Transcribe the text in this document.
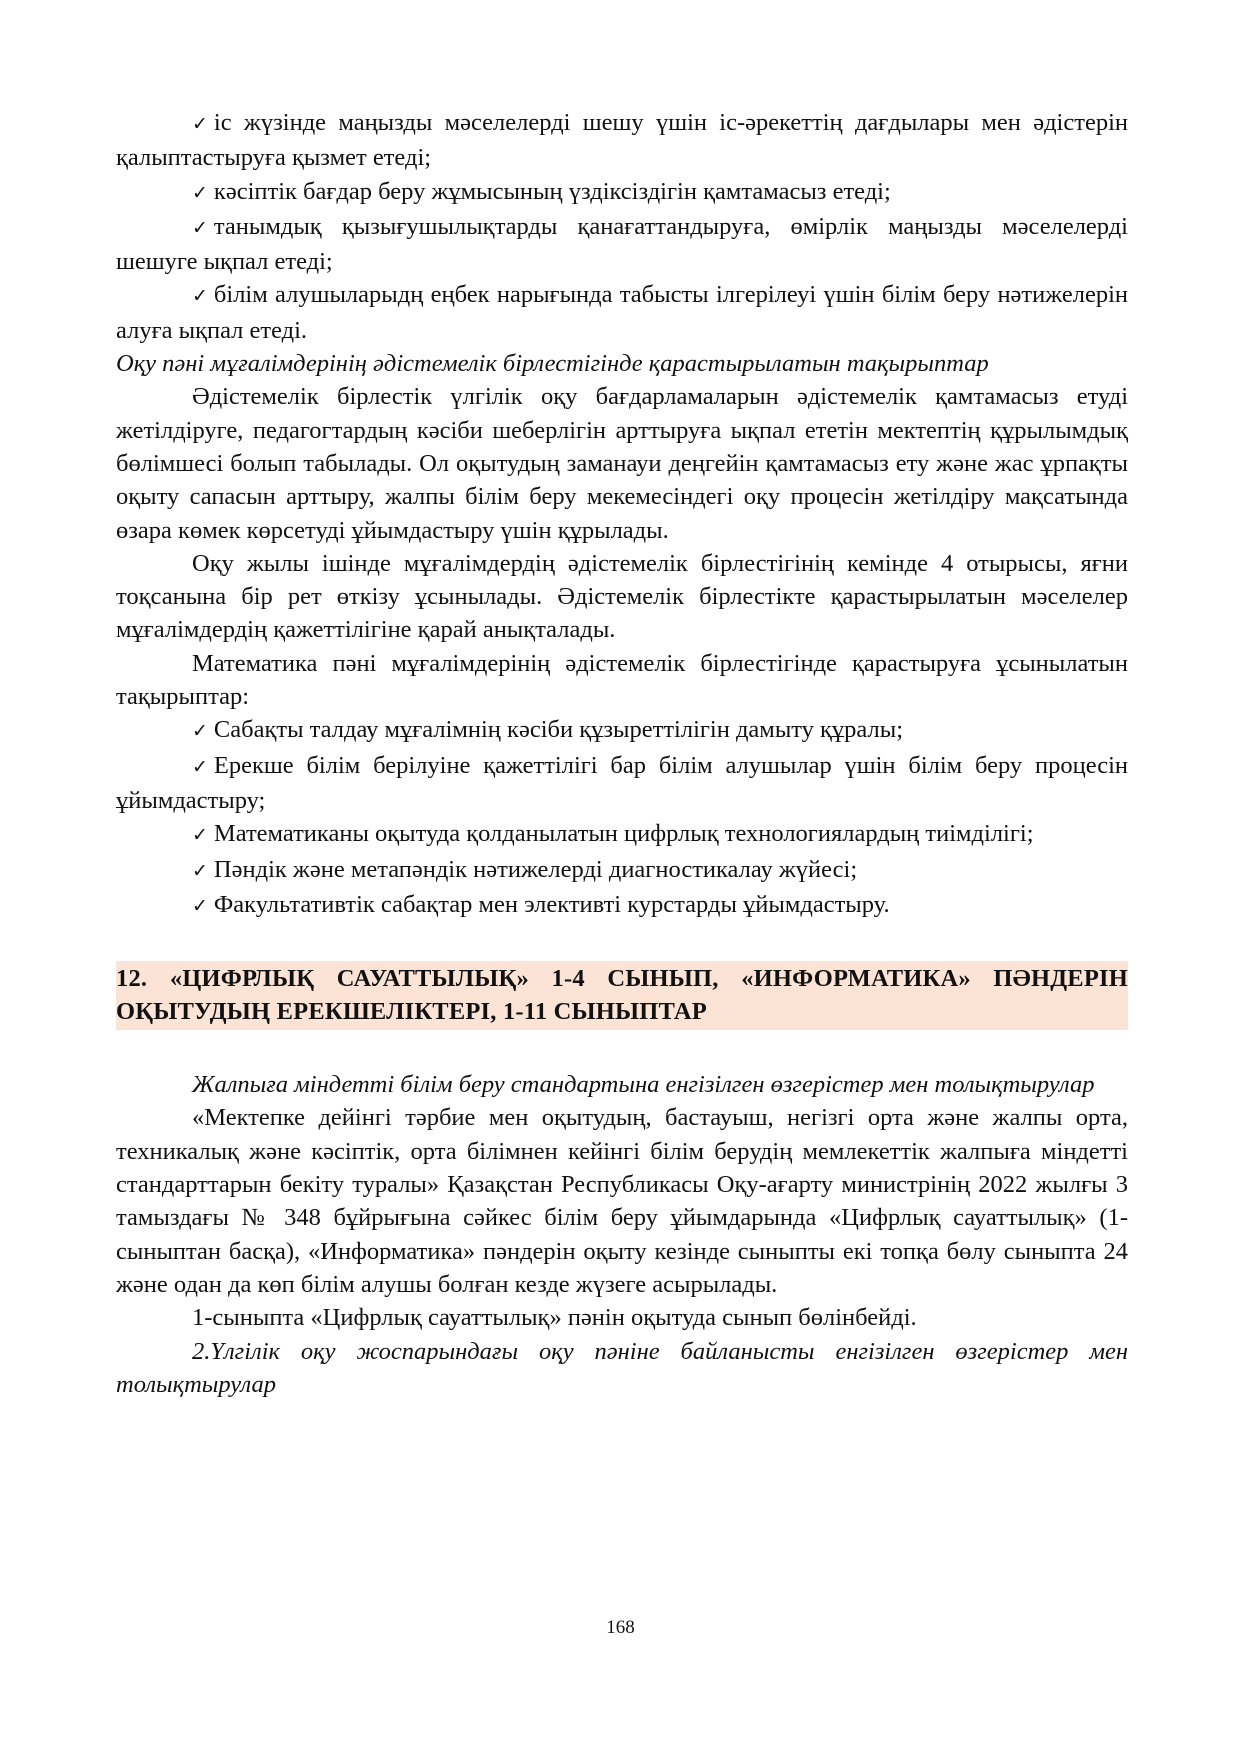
✓ іс жүзінде маңызды мәселелерді шешу үшін іс-әрекеттің дағдылары мен әдістерін қалыптастыруға қызмет етеді;

✓ кәсіптік бағдар беру жұмысының үздіксіздігін қамтамасыз етеді;

✓ танымдық қызығушылықтарды қанағаттандыруға, өмірлік маңызды мәселелерді шешуге ықпал етеді;

✓ білім алушыларыдң еңбек нарығында табысты ілгерілеуі үшін білім беру нәтижелерін алуға ықпал етеді.

Оқу пәні мұғалімдерінің әдістемелік бірлестігінде қарастырылатын тақырыптар

Әдістемелік бірлестік үлгілік оқу бағдарламаларын әдістемелік қамтамасыз етуді жетілдіруге, педагогтардың кәсіби шеберлігін арттыруға ықпал ететін мектептің құрылымдық бөлімшесі болып табылады. Ол оқытудың заманауи деңгейін қамтамасыз ету және жас ұрпақты оқыту сапасын арттыру, жалпы білім беру мекемесіндегі оқу процесін жетілдіру мақсатында өзара көмек көрсетуді ұйымдастыру үшін құрылады.

Оқу жылы ішінде мұғалімдердің әдістемелік бірлестігінің кемінде 4 отырысы, яғни тоқсанына бір рет өткізу ұсынылады. Әдістемелік бірлестікте қарастырылатын мәселелер мұғалімдердің қажеттілігіне қарай анықталады.

Математика пәні мұғалімдерінің әдістемелік бірлестігінде қарастыруға ұсынылатын тақырыптар:

✓ Сабақты талдау мұғалімнің кәсіби құзыреттілігін дамыту құралы;

✓ Ерекше білім берілуіне қажеттілігі бар білім алушылар үшін білім беру процесін ұйымдастыру;

✓ Математиканы оқытуда қолданылатын цифрлық технологиялардың тиімділігі;

✓ Пәндік және метапәндік нәтижелерді диагностикалау жүйесі;

✓ Факультативтік сабақтар мен элективті курстарды ұйымдастыру.

12. «ЦИФРЛЫҚ САУАТТЫЛЫҚ» 1-4 СЫНЫП, «ИНФОРМАТИКА» ПӘНДЕРІН ОҚЫТУДЫҢ ЕРЕКШЕЛІКТЕРІ, 1-11 СЫНЫПТАР

Жалпыға міндетті білім беру стандартына енгізілген өзгерістер мен толықтырулар

«Мектепке дейінгі тәрбие мен оқытудың, бастауыш, негізгі орта және жалпы орта, техникалық және кәсіптік, орта білімнен кейінгі білім берудің мемлекеттік жалпыға міндетті стандарттарын бекіту туралы» Қазақстан Республикасы Оқу-ағарту министрінің 2022 жылғы 3 тамыздағы № 348 бұйрығына сәйкес білім беру ұйымдарында «Цифрлық сауаттылық» (1-сыныптан басқа), «Информатика» пәндерін оқыту кезінде сыныпты екі топқа бөлу сыныпта 24 және одан да көп білім алушы болған кезде жүзеге асырылады.

1-сыныпта «Цифрлық сауаттылық» пәнін оқытуда сынып бөлінбейді.

2.Үлгілік оқу жоспарындағы оқу пәніне байланысты енгізілген өзгерістер мен толықтырулар

168
